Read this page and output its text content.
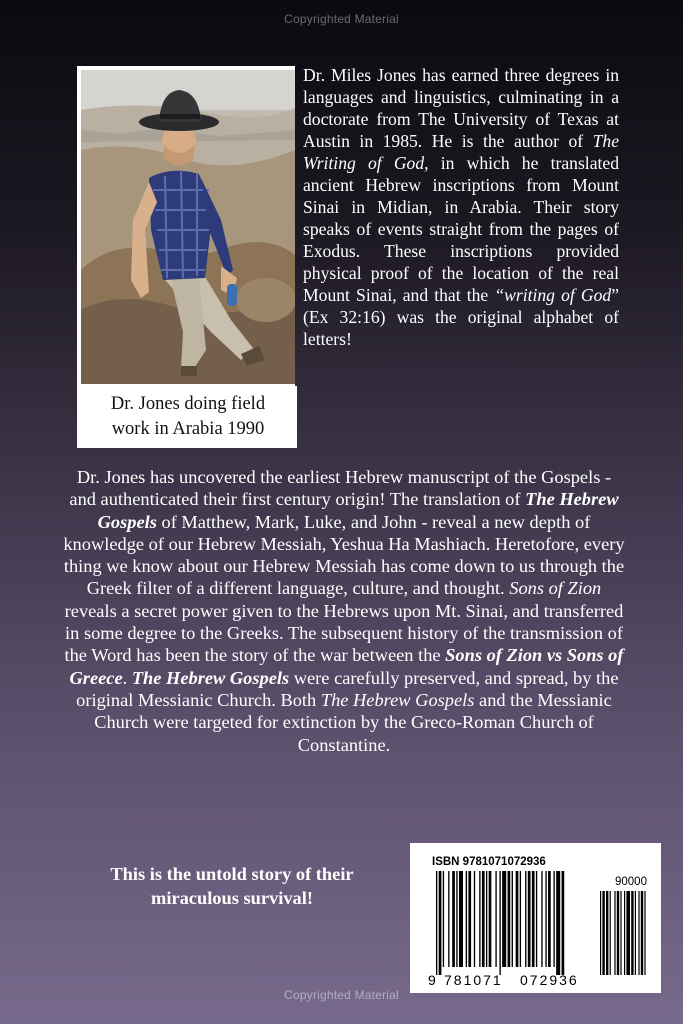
Copyrighted Material
Dr. Jones doing field
work in Arabia 1990

Dr. Miles Jones has earned three degrees in languages and linguistics, culminating in a doctorate from The University of Texas at Austin in 1985. He is the author of The Writing of God, in which he translated ancient Hebrew inscriptions from Mount Sinai in Midian, in Arabia. Their story speaks of events straight from the pages of Exodus. These inscriptions provided physical proof of the location of the real Mount Sinai, and that the “writing of God” (Ex 32:16) was the original alphabet of letters!

Dr. Jones has uncovered the earliest Hebrew manuscript of the Gospels - and authenticated their first century origin! The translation of The Hebrew Gospels of Matthew, Mark, Luke, and John - reveal a new depth of knowledge of our Hebrew Messiah, Yeshua Ha Mashiach. Heretofore, every thing we know about our Hebrew Messiah has come down to us through the Greek filter of a different language, culture, and thought. Sons of Zion reveals a secret power given to the Hebrews upon Mt. Sinai, and transferred in some degree to the Greeks. The subsequent history of the transmission of the Word has been the story of the war between the Sons of Zion vs Sons of Greece. The Hebrew Gospels were carefully preserved, and spread, by the original Messianic Church. Both The Hebrew Gospels and the Messianic Church were targeted for extinction by the Greco-Roman Church of Constantine.

This is the untold story of their
miraculous survival!
ISBN 9781071072936
90000
9 781071 072936
Copyrighted Material
